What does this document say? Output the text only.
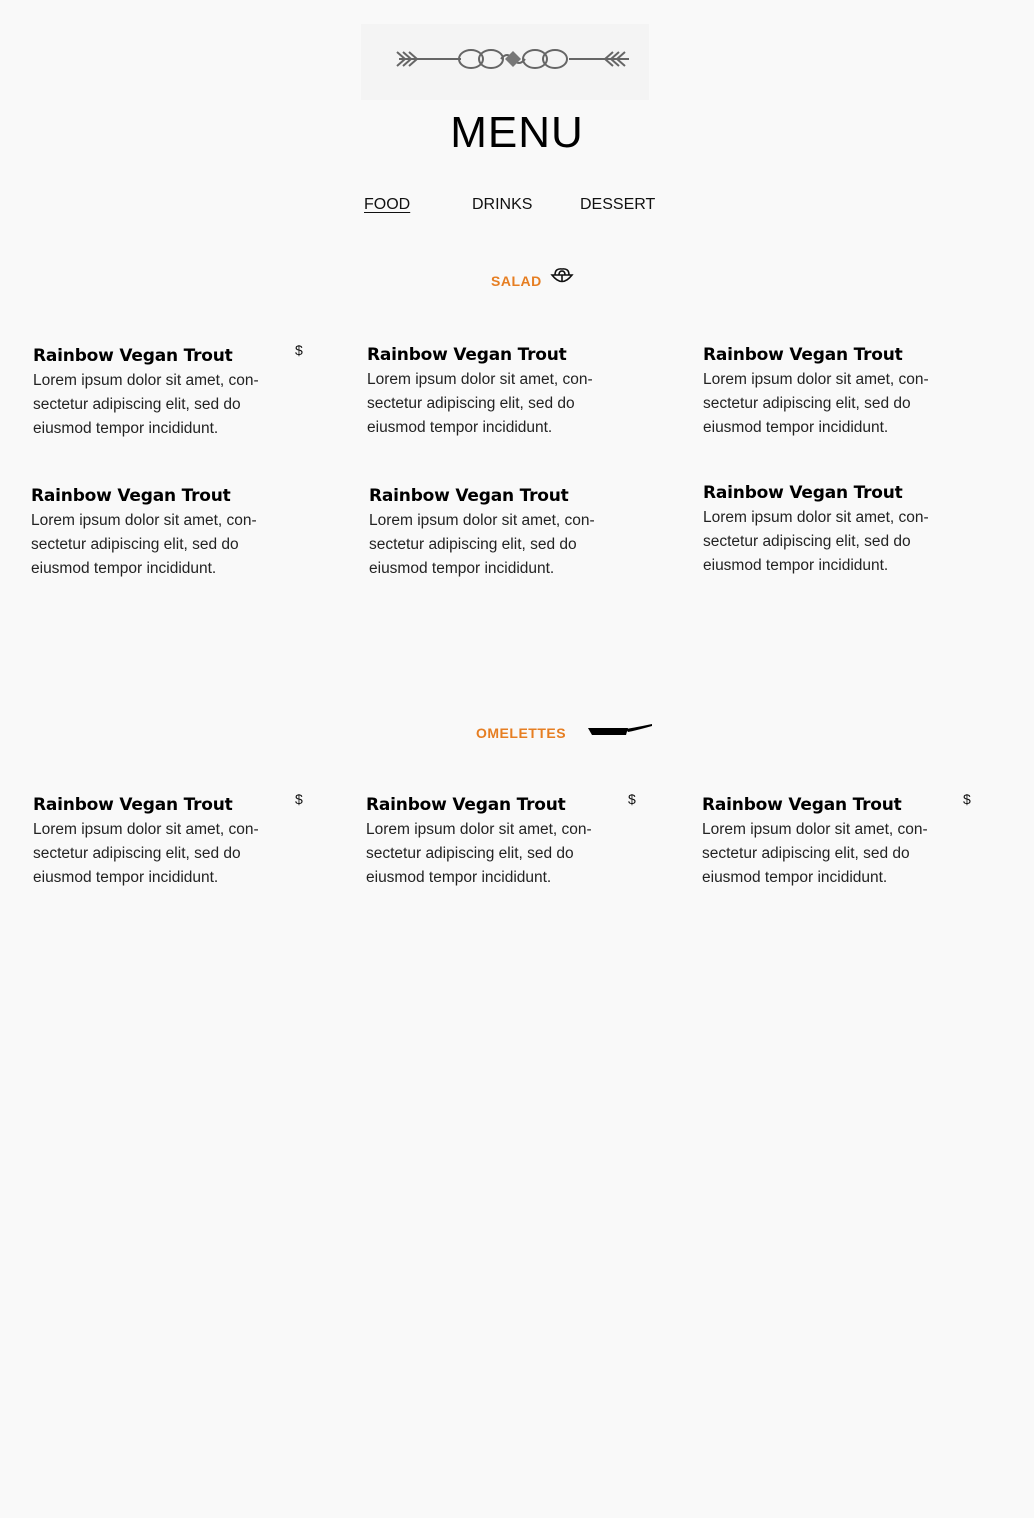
MENU
FOOD	DRINKS	DESSERT
SALAD
$

Rainbow Vegan Trout

Lorem ipsum dolor sit amet, con-
sectetur adipiscing elit, sed do
eiusmod tempor incididunt.

Rainbow Vegan Trout

Lorem ipsum dolor sit amet, con-
sectetur adipiscing elit, sed do
eiusmod tempor incididunt.

Rainbow Vegan Trout

Lorem ipsum dolor sit amet, con-
sectetur adipiscing elit, sed do
eiusmod tempor incididunt.

Rainbow Vegan Trout

Lorem ipsum dolor sit amet, con-
sectetur adipiscing elit, sed do
eiusmod tempor incididunt.

Rainbow Vegan Trout

Lorem ipsum dolor sit amet, con-
sectetur adipiscing elit, sed do
eiusmod tempor incididunt.

Rainbow Vegan Trout

Lorem ipsum dolor sit amet, con-
sectetur adipiscing elit, sed do
eiusmod tempor incididunt.

OMELETTES
$	$	$

Rainbow Vegan Trout

Lorem ipsum dolor sit amet, con-
sectetur adipiscing elit, sed do
eiusmod tempor incididunt.

Rainbow Vegan Trout

Lorem ipsum dolor sit amet, con-
sectetur adipiscing elit, sed do
eiusmod tempor incididunt.

Rainbow Vegan Trout

Lorem ipsum dolor sit amet, con-
sectetur adipiscing elit, sed do
eiusmod tempor incididunt.
